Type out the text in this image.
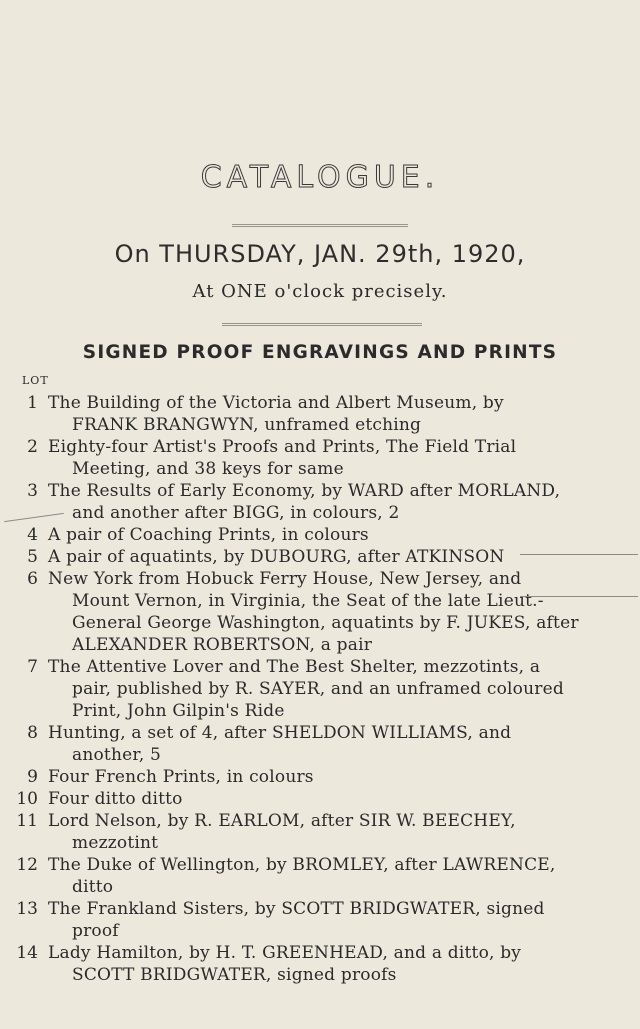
CATALOGUE.
On THURSDAY, JAN. 29th, 1920,
At ONE o'clock precisely.
SIGNED PROOF ENGRAVINGS AND PRINTS
LOT
1 The Building of the Victoria and Albert Museum, by
FRANK BRANGWYN, unframed etching
2 Eighty-four Artist's Proofs and Prints, The Field Trial
Meeting, and 38 keys for same
3 The Results of Early Economy, by WARD after MORLAND,
and another after BIGG, in colours, 2
4 A pair of Coaching Prints, in colours
5 A pair of aquatints, by DUBOURG, after ATKINSON
6 New York from Hobuck Ferry House, New Jersey, and
Mount Vernon, in Virginia, the Seat of the late Lieut.-
General George Washington, aquatints by F. JUKES, after
ALEXANDER ROBERTSON, a pair
7 The Attentive Lover and The Best Shelter, mezzotints, a
pair, published by R. SAYER, and an unframed coloured
Print, John Gilpin's Ride
8 Hunting, a set of 4, after SHELDON WILLIAMS, and
another, 5
9 Four French Prints, in colours
10 Four ditto ditto
11 Lord Nelson, by R. EARLOM, after SIR W. BEECHEY,
mezzotint
12 The Duke of Wellington, by BROMLEY, after LAWRENCE,
ditto
13 The Frankland Sisters, by SCOTT BRIDGWATER, signed
proof
14 Lady Hamilton, by H. T. GREENHEAD, and a ditto, by
SCOTT BRIDGWATER, signed proofs
